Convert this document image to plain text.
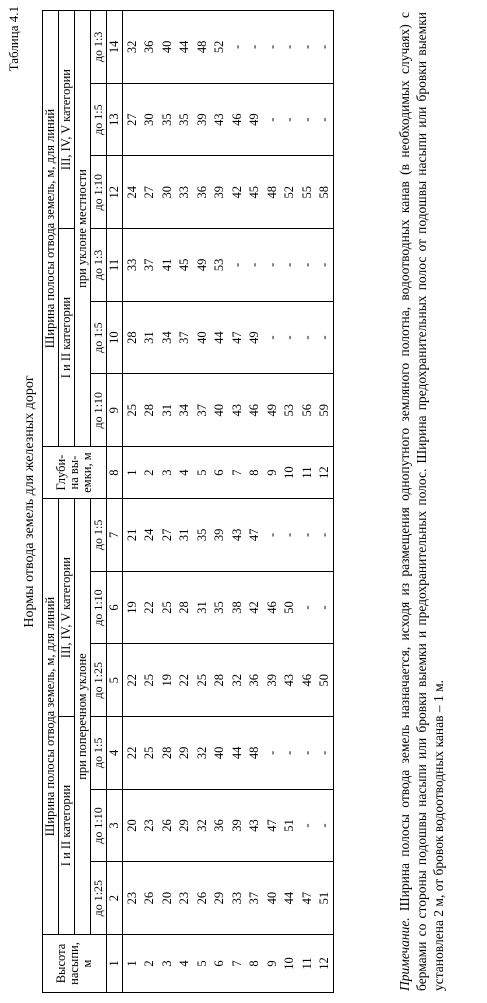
Таблица 4.1
Нормы отвода земель для железных дорог
Высота насыпи, м	Ширина полосы отвода земель, м, для линий						Глуби-на вы-емки, м	Ширина полосы отвода земель, м, для линий					
	I и II категории			III, IV, V категории				I и II категории			III, IV, V категории		
	при поперечном уклоне							при уклоне местности					
	до 1:25	до 1:10	до 1:5	до 1:25	до 1:10	до 1:5		до 1:10	до 1:5	до 1:3	до 1:10	до 1:5	до 1:3
1	2	3	4	5	6	7	8	9	10	11	12	13	14
1	23	20	22	22	19	21	1	25	28	33	24	27	32
2	26	23	25	25	22	24	2	28	31	37	27	30	36
3	20	26	28	19	25	27	3	31	34	41	30	35	40
4	23	29	29	22	28	31	4	34	37	45	33	35	44
5	26	32	32	25	31	35	5	37	40	49	36	39	48
6	29	36	40	28	35	39	6	40	44	53	39	43	52
7	33	39	44	32	38	43	7	43	47	-	42	46	-
8	37	43	48	36	42	47	8	46	49	-	45	49	-
9	40	47	-	39	46	-	9	49	-	-	48	-	-
10	44	51	-	43	50	-	10	53	-	-	52	-	-
11	47	-	-	46	-	-	11	56	-	-	55	-	-
12	51	-	-	50	-	-	12	59	-	-	58	-	-
Примечание. Ширина полосы отвода земель назначается, исходя из размещения однопутного земляного полотна, водоотводных канав (в необходимых случаях) с бермами со стороны подошвы насыпи или бровки выемки и предохранительных полос. Ширина предохранительных полос от подошвы насыпи или бровки выемки установлена 2 м, от бровок водоотводных канав – 1 м.
